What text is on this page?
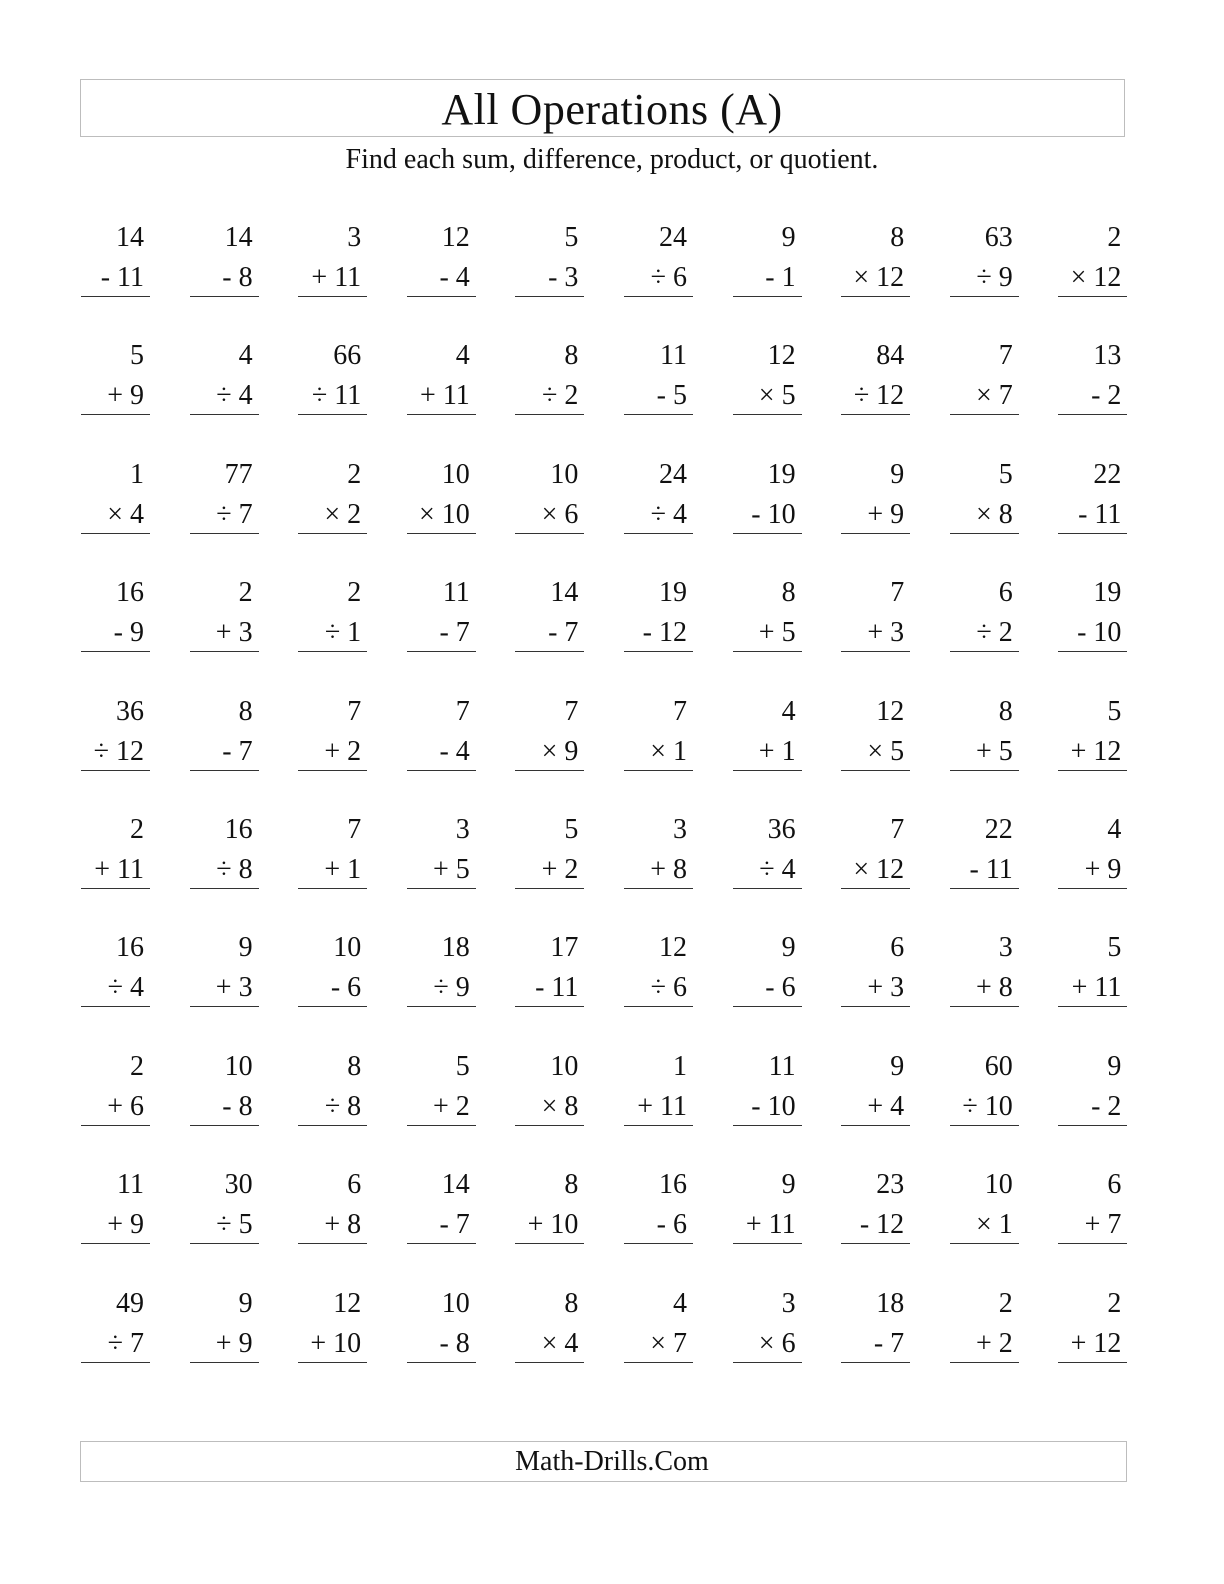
All Operations (A)
Find each sum, difference, product, or quotient.
14
- 11
14
- 8
3
+ 11
12
- 4
5
- 3
24
÷ 6
9
- 1
8
× 12
63
÷ 9
2
× 12
5
+ 9
4
÷ 4
66
÷ 11
4
+ 11
8
÷ 2
11
- 5
12
× 5
84
÷ 12
7
× 7
13
- 2
1
× 4
77
÷ 7
2
× 2
10
× 10
10
× 6
24
÷ 4
19
- 10
9
+ 9
5
× 8
22
- 11
16
- 9
2
+ 3
2
÷ 1
11
- 7
14
- 7
19
- 12
8
+ 5
7
+ 3
6
÷ 2
19
- 10
36
÷ 12
8
- 7
7
+ 2
7
- 4
7
× 9
7
× 1
4
+ 1
12
× 5
8
+ 5
5
+ 12
2
+ 11
16
÷ 8
7
+ 1
3
+ 5
5
+ 2
3
+ 8
36
÷ 4
7
× 12
22
- 11
4
+ 9
16
÷ 4
9
+ 3
10
- 6
18
÷ 9
17
- 11
12
÷ 6
9
- 6
6
+ 3
3
+ 8
5
+ 11
2
+ 6
10
- 8
8
÷ 8
5
+ 2
10
× 8
1
+ 11
11
- 10
9
+ 4
60
÷ 10
9
- 2
11
+ 9
30
÷ 5
6
+ 8
14
- 7
8
+ 10
16
- 6
9
+ 11
23
- 12
10
× 1
6
+ 7
49
÷ 7
9
+ 9
12
+ 10
10
- 8
8
× 4
4
× 7
3
× 6
18
- 7
2
+ 2
2
+ 12
Math-Drills.Com
